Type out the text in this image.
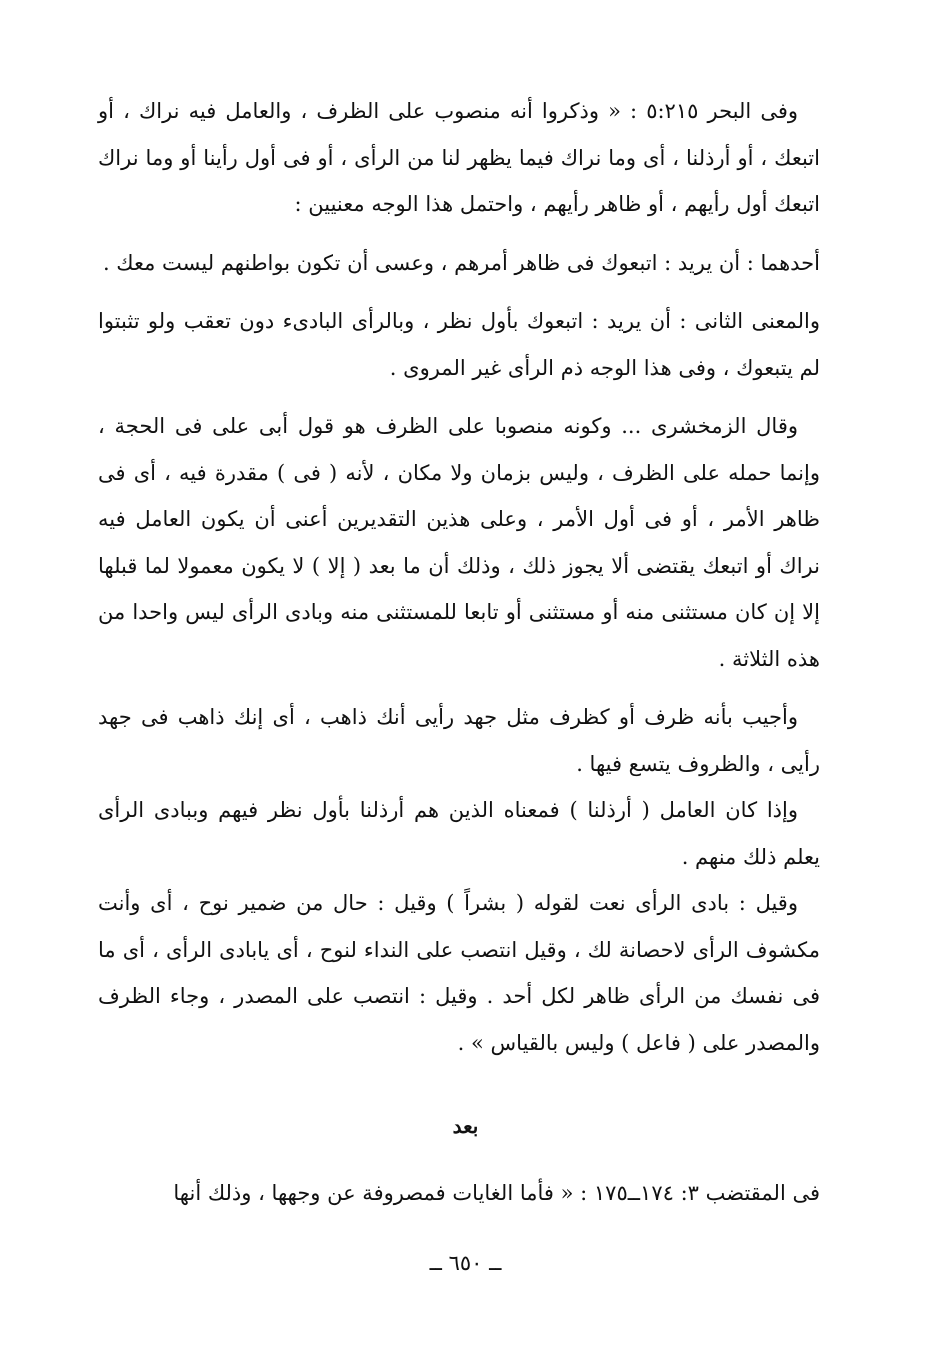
وفى البحر ٥:٢١٥ : « وذكروا أنه منصوب على الظرف ، والعامل فيه نراك ، أو اتبعك ، أو أرذلنا ، أى وما نراك فيما يظهر لنا من الرأى ، أو فى أول رأينا أو وما نراك اتبعك أول رأيهم ، أو ظاهر رأيهم ، واحتمل هذا الوجه معنيين :

أحدهما : أن يريد : اتبعوك فى ظاهر أمرهم ، وعسى أن تكون بواطنهم ليست معك .

والمعنى الثانى : أن يريد : اتبعوك بأول نظر ، وبالرأى البادىء دون تعقب ولو تثبتوا لم يتبعوك ، وفى هذا الوجه ذم الرأى غير المروى .

وقال الزمخشرى ... وكونه منصوبا على الظرف هو قول أبى على فى الحجة ، وإنما حمله على الظرف ، وليس بزمان ولا مكان ، لأنه ( فى ) مقدرة فيه ، أى فى ظاهر الأمر ، أو فى أول الأمر ، وعلى هذين التقديرين أعنى أن يكون العامل فيه نراك أو اتبعك يقتضى ألا يجوز ذلك ، وذلك أن ما بعد ( إلا ) لا يكون معمولا لما قبلها إلا إن كان مستثنى منه أو مستثنى أو تابعا للمستثنى منه وبادى الرأى ليس واحدا من هذه الثلاثة .

وأجيب بأنه ظرف أو كظرف مثل جهد رأيى أنك ذاهب ، أى إنك ذاهب فى جهد رأيى ، والظروف يتسع فيها .

وإذا كان العامل ( أرذلنا ) فمعناه الذين هم أرذلنا بأول نظر فيهم وببادى الرأى يعلم ذلك منهم .

وقيل : بادى الرأى نعت لقوله ( بشراً ) وقيل : حال من ضمير نوح ، أى وأنت مكشوف الرأى لاحصانة لك ، وقيل انتصب على النداء لنوح ، أى يابادى الرأى ، أى ما فى نفسك من الرأى ظاهر لكل أحد . وقيل : انتصب على المصدر ، وجاء الظرف والمصدر على ( فاعل ) وليس بالقياس » .

بعد
فى المقتضب ٣: ١٧٤ــ١٧٥ : « فأما الغايات فمصروفة عن وجهها ، وذلك أنها
ــ ٦٥٠ ــ
